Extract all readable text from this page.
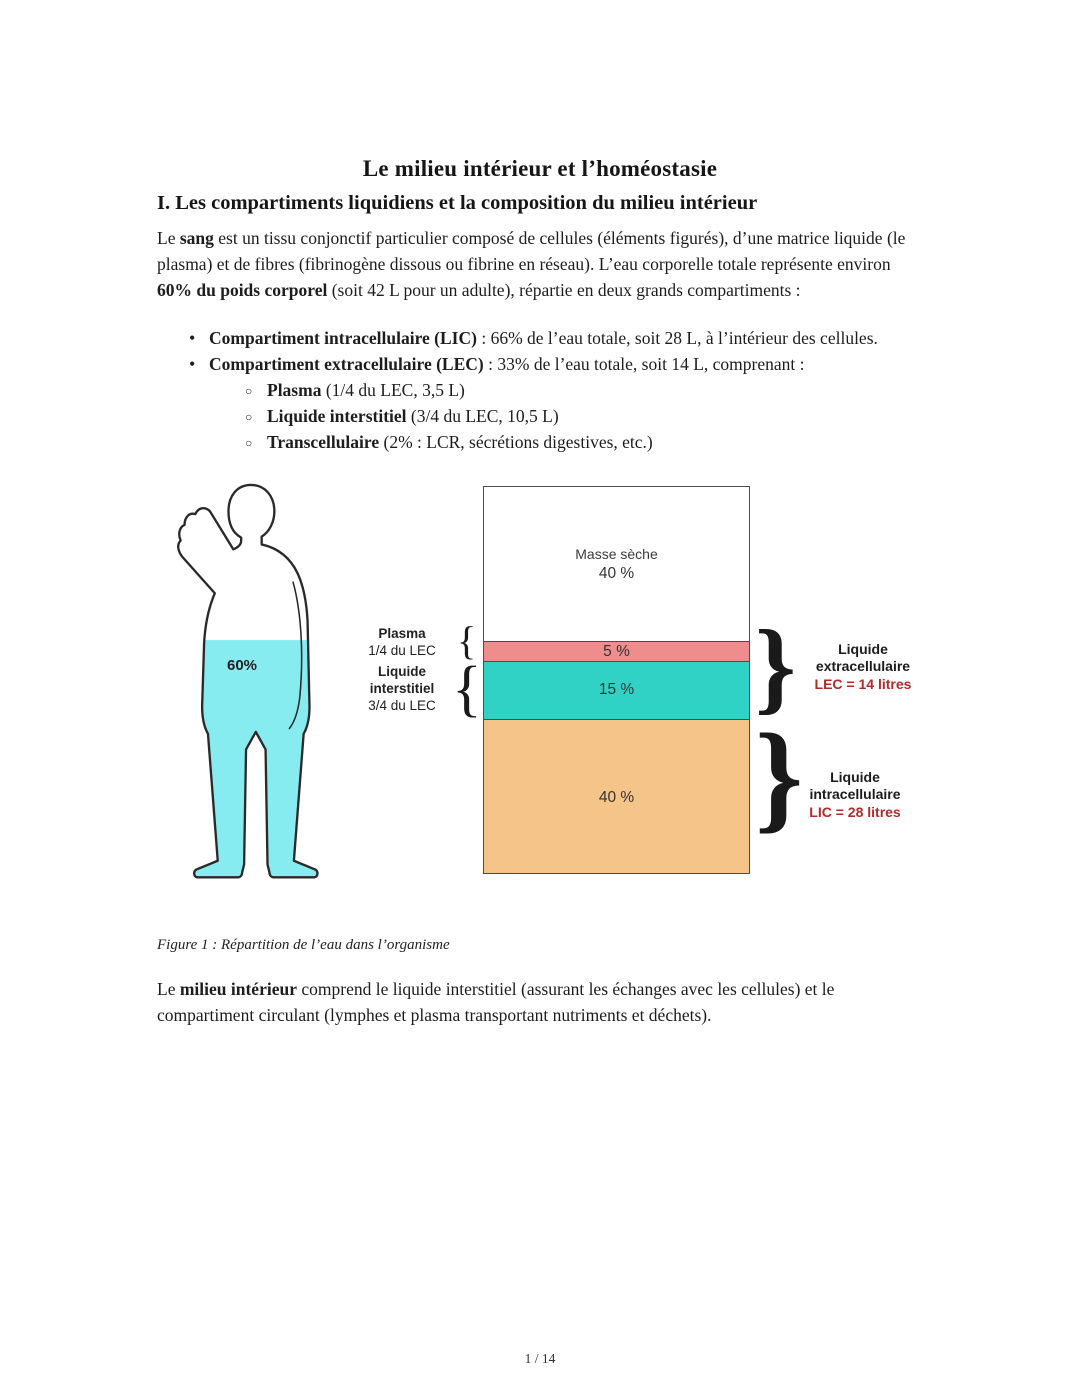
Le milieu intérieur et l’homéostasie
I. Les compartiments liquidiens et la composition du milieu intérieur

Le sang est un tissu conjonctif particulier composé de cellules (éléments figurés), d’une matrice liquide (le plasma) et de fibres (fibrinogène dissous ou fibrine en réseau). L’eau corporelle totale représente environ 60% du poids corporel (soit 42 L pour un adulte), répartie en deux grands compartiments :

• Compartiment intracellulaire (LIC) : 66% de l’eau totale, soit 28 L, à l’intérieur des cellules.
• Compartiment extracellulaire (LEC) : 33% de l’eau totale, soit 14 L, comprenant :
○ Plasma (1/4 du LEC, 3,5 L)
○ Liquide interstitiel (3/4 du LEC, 10,5 L)
○ Transcellulaire (2% : LCR, sécrétions digestives, etc.)
60%
Plasma
1/4 du LEC {
Liquide
interstitiel
3/4 du LEC {
Masse sèche
40 %
5 %
15 %
40 %
}	Liquide
extracellulaire
LEC = 14 litres
}	Liquide
intracellulaire
LIC = 28 litres

Figure 1 : Répartition de l’eau dans l’organisme

Le milieu intérieur comprend le liquide interstitiel (assurant les échanges avec les cellules) et le compartiment circulant (lymphes et plasma transportant nutriments et déchets).

1 / 14
